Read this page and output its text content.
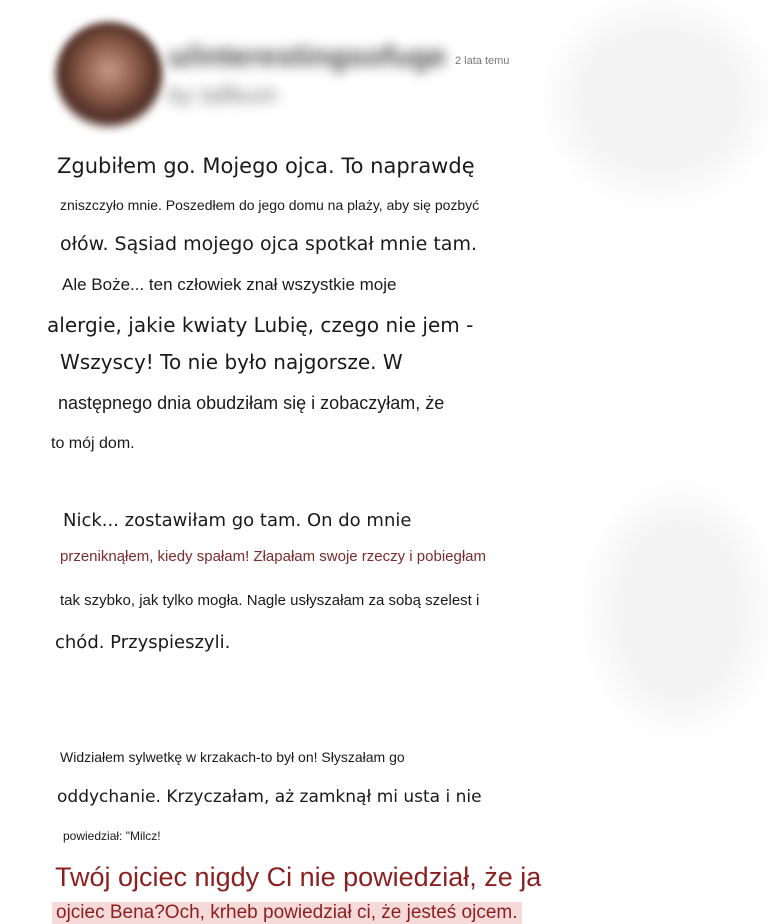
u/interestingsofuge
by tallbum
2 lata temu
Zgubiłem go. Mojego ojca. To naprawdę
zniszczyło mnie. Poszedłem do jego domu na plaży, aby się pozbyć
ołów. Sąsiad mojego ojca spotkał mnie tam.
Ale Boże... ten człowiek znał wszystkie moje
alergie, jakie kwiaty Lubię, czego nie jem -
Wszyscy! To nie było najgorsze. W
następnego dnia obudziłam się i zobaczyłam, że
to mój dom.
Nick... zostawiłam go tam. On do mnie
przeniknąłem, kiedy spałam! Złapałam swoje rzeczy i pobiegłam
tak szybko, jak tylko mogła. Nagle usłyszałam za sobą szelest i
chód. Przyspieszyli.
Widziałem sylwetkę w krzakach-to był on! Słyszałam go
oddychanie. Krzyczałam, aż zamknął mi usta i nie
powiedział: "Milcz!
Twój ojciec nigdy Ci nie powiedział, że ja
ojciec Bena?Och, krheb powiedział ci, że jesteś ojcem.
